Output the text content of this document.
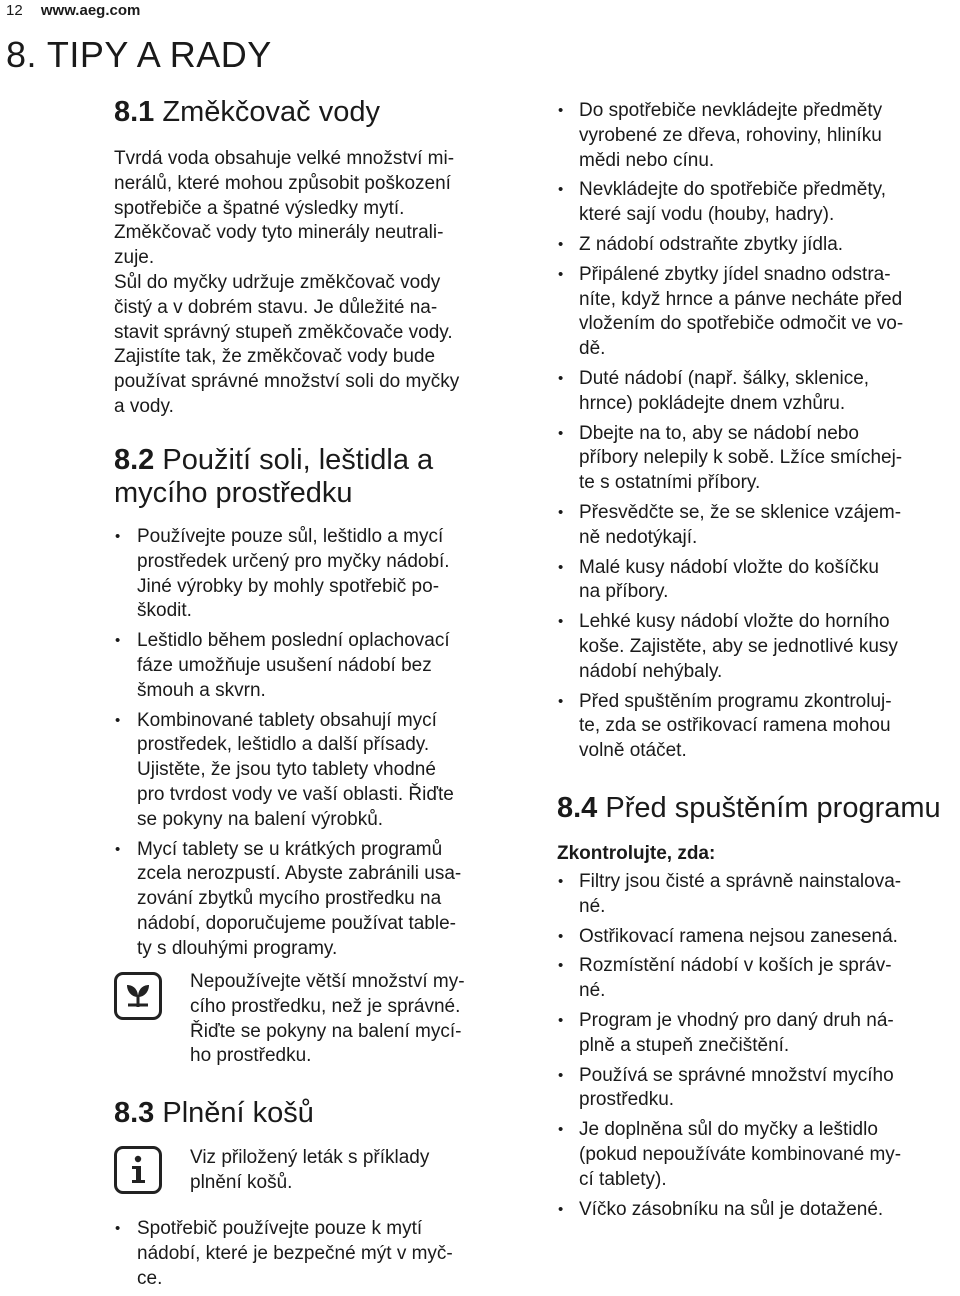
12 www.aeg.com
8. TIPY A RADY
8.1 Změkčovač vody

Tvrdá voda obsahuje velké množství mi-
nerálů, které mohou způsobit poškození
spotřebiče a špatné výsledky mytí.
Změkčovač vody tyto minerály neutrali-
zuje.
Sůl do myčky udržuje změkčovač vody
čistý a v dobrém stavu. Je důležité na-
stavit správný stupeň změkčovače vody.
Zajistíte tak, že změkčovač vody bude
používat správné množství soli do myčky
a vody.

8.2 Použití soli, leštidla a
mycího prostředku
• Používejte pouze sůl, leštidlo a mycí
prostředek určený pro myčky nádobí.
Jiné výrobky by mohly spotřebič po-
škodit.
• Leštidlo během poslední oplachovací
fáze umožňuje usušení nádobí bez
šmouh a skvrn.
• Kombinované tablety obsahují mycí
prostředek, leštidlo a další přísady.
Ujistěte, že jsou tyto tablety vhodné
pro tvrdost vody ve vaší oblasti. Řiďte
se pokyny na balení výrobků.
• Mycí tablety se u krátkých programů
zcela nerozpustí. Abyste zabránili usa-
zování zbytků mycího prostředku na
nádobí, doporučujeme používat table-
ty s dlouhými programy.
Nepoužívejte větší množství my-
cího prostředku, než je správné.
Řiďte se pokyny na balení mycí-
ho prostředku.
8.3 Plnění košů
Viz přiložený leták s příklady
plnění košů.
• Spotřebič používejte pouze k mytí
nádobí, které je bezpečné mýt v myč-
ce.
• Do spotřebiče nevkládejte předměty
vyrobené ze dřeva, rohoviny, hliníku
mědi nebo cínu.
• Nevkládejte do spotřebiče předměty,
které sají vodu (houby, hadry).
• Z nádobí odstraňte zbytky jídla.
• Připálené zbytky jídel snadno odstra-
níte, když hrnce a pánve necháte před
vložením do spotřebiče odmočit ve vo-
dě.
• Duté nádobí (např. šálky, sklenice,
hrnce) pokládejte dnem vzhůru.
• Dbejte na to, aby se nádobí nebo
příbory nelepily k sobě. Lžíce smíchej-
te s ostatními příbory.
• Přesvědčte se, že se sklenice vzájem-
ně nedotýkají.
• Malé kusy nádobí vložte do košíčku
na příbory.
• Lehké kusy nádobí vložte do horního
koše. Zajistěte, aby se jednotlivé kusy
nádobí nehýbaly.
• Před spuštěním programu zkontroluj-
te, zda se ostřikovací ramena mohou
volně otáčet.
8.4 Před spuštěním programu
Zkontrolujte, zda:
• Filtry jsou čisté a správně nainstalova-
né.
• Ostřikovací ramena nejsou zanesená.
• Rozmístění nádobí v koších je správ-
né.
• Program je vhodný pro daný druh ná-
plně a stupeň znečištění.
• Používá se správné množství mycího
prostředku.
• Je doplněna sůl do myčky a leštidlo
(pokud nepoužíváte kombinované my-
cí tablety).
• Víčko zásobníku na sůl je dotažené.
